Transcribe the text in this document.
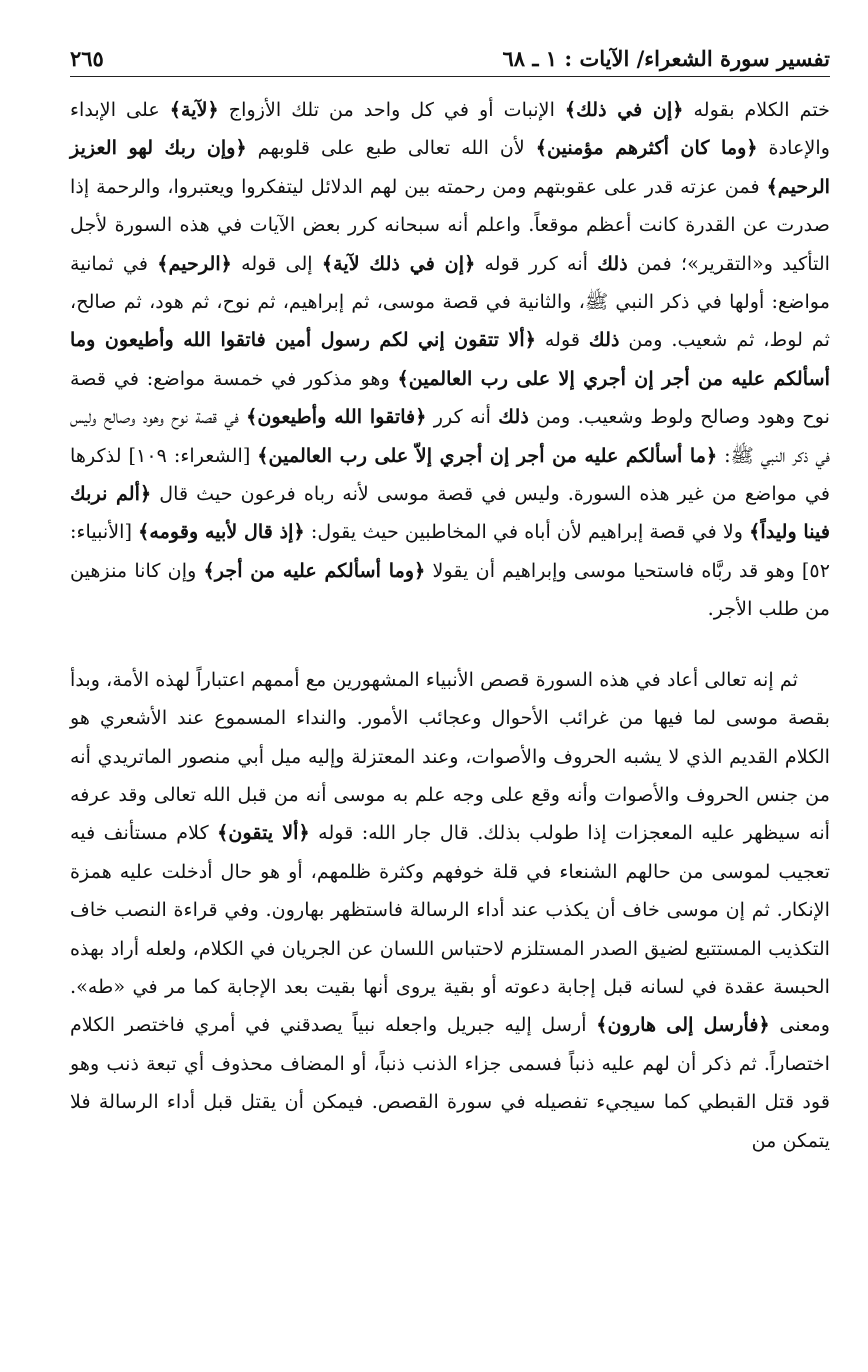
تفسير سورة الشعراء/ الآيات : ١ ـ ٦٨
٢٦٥

ختم الكلام بقوله ﴿إن في ذلك﴾ الإنبات أو في كل واحد من تلك الأزواج ﴿لآية﴾ على الإبداء والإعادة ﴿وما كان أكثرهم مؤمنين﴾ لأن الله تعالى طبع على قلوبهم ﴿وإن ربك لهو العزيز الرحيم﴾ فمن عزته قدر على عقوبتهم ومن رحمته بين لهم الدلائل ليتفكروا ويعتبروا، والرحمة إذا صدرت عن القدرة كانت أعظم موقعاً. واعلم أنه سبحانه كرر بعض الآيات في هذه السورة لأجل التأكيد و«التقرير»؛ فمن ذلك أنه كرر قوله ﴿إن في ذلك لآية﴾ إلى قوله ﴿الرحيم﴾ في ثمانية مواضع: أولها في ذكر النبي ﷺ، والثانية في قصة موسى، ثم إبراهيم، ثم نوح، ثم هود، ثم صالح، ثم لوط، ثم شعيب. ومن ذلك قوله ﴿ألا تتقون إني لكم رسول أمين فاتقوا الله وأطيعون وما أسألكم عليه من أجر إن أجري إلا على رب العالمين﴾ وهو مذكور في خمسة مواضع: في قصة نوح وهود وصالح ولوط وشعيب. ومن ذلك أنه كرر ﴿فاتقوا الله وأطيعون﴾ في قصة نوح وهود وصالح وليس في ذكر النبي ﷺ: ﴿ما أسألكم عليه من أجر إن أجري إلاّ على رب العالمين﴾ [الشعراء: ١٠٩] لذكرها في مواضع من غير هذه السورة. وليس في قصة موسى لأنه رباه فرعون حيث قال ﴿ألم نربك فينا وليداً﴾ ولا في قصة إبراهيم لأن أباه في المخاطبين حيث يقول: ﴿إذ قال لأبيه وقومه﴾ [الأنبياء: ٥٢] وهو قد ربَّاه فاستحيا موسى وإبراهيم أن يقولا ﴿وما أسألكم عليه من أجر﴾ وإن كانا منزهين من طلب الأجر.

ثم إنه تعالى أعاد في هذه السورة قصص الأنبياء المشهورين مع أممهم اعتباراً لهذه الأمة، وبدأ بقصة موسى لما فيها من غرائب الأحوال وعجائب الأمور. والنداء المسموع عند الأشعري هو الكلام القديم الذي لا يشبه الحروف والأصوات، وعند المعتزلة وإليه ميل أبي منصور الماتريدي أنه من جنس الحروف والأصوات وأنه وقع على وجه علم به موسى أنه من قبل الله تعالى وقد عرفه أنه سيظهر عليه المعجزات إذا طولب بذلك. قال جار الله: قوله ﴿ألا يتقون﴾ كلام مستأنف فيه تعجيب لموسى من حالهم الشنعاء في قلة خوفهم وكثرة ظلمهم، أو هو حال أدخلت عليه همزة الإنكار. ثم إن موسى خاف أن يكذب عند أداء الرسالة فاستظهر بهارون. وفي قراءة النصب خاف التكذيب المستتبع لضيق الصدر المستلزم لاحتباس اللسان عن الجريان في الكلام، ولعله أراد بهذه الحبسة عقدة في لسانه قبل إجابة دعوته أو بقية يروى أنها بقيت بعد الإجابة كما مر في «طه». ومعنى ﴿فأرسل إلى هارون﴾ أرسل إليه جبريل واجعله نبياً يصدقني في أمري فاختصر الكلام اختصاراً. ثم ذكر أن لهم عليه ذنباً فسمى جزاء الذنب ذنباً، أو المضاف محذوف أي تبعة ذنب وهو قود قتل القبطي كما سيجيء تفصيله في سورة القصص. فيمكن أن يقتل قبل أداء الرسالة فلا يتمكن من
